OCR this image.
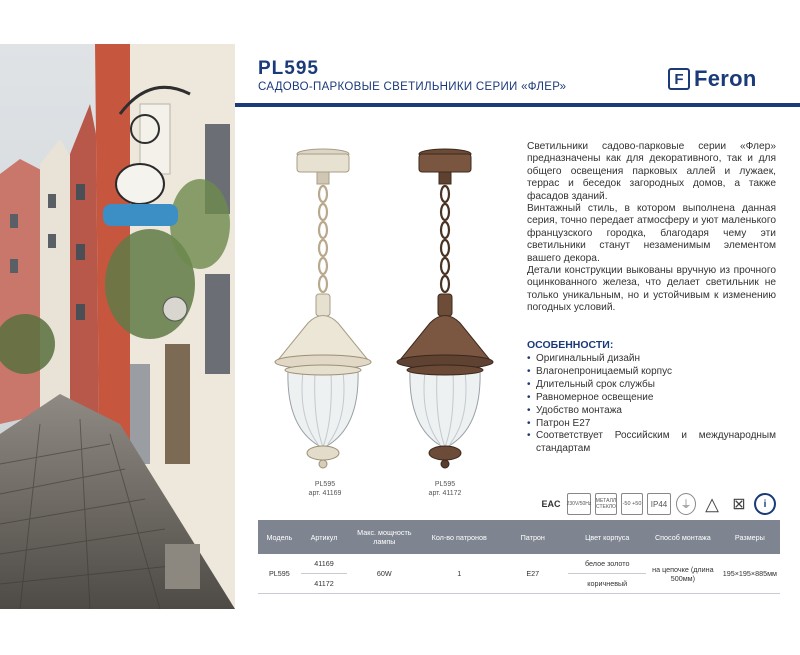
PL595
САДОВО-ПАРКОВЫЕ СВЕТИЛЬНИКИ СЕРИИ «ФЛЕР»	F Feron
PL595
арт. 41169
PL595
арт. 41172

Светильники садово-парковые серии «Флер» предназначены как для декоративного, так и для общего освещения парковых аллей и лужаек, террас и беседок загородных домов, а также фасадов зданий.

Винтажный стиль, в котором выполнена данная серия, точно передает атмосферу и уют маленького французского городка, благодаря чему эти светильники станут незаменимым элементом вашего декора.

Детали конструкции выкованы вручную из прочного оцинкованного железа, что делает светильник не только уникальным, но и устойчивым к изменению погодных условий.

ОСОБЕННОСТИ:
• Оригинальный дизайн
• Влагонепроницаемый корпус
• Длительный срок службы
• Равномерное освещение
• Удобство монтажа
• Патрон Е27
• Соответствует Российским и международным стандартам
EAC	230V/50Hz МЕТАЛЛ СТЕКЛО
-50 +50	IP44	⏚ △ ⊠	i
Модель	Артикул	Макс. мощность лампы	Кол-во патронов	Патрон	Цвет корпуса	Способ монтажа	Размеры
PL595	41169	60W	1	E27	белое золото	на цепочке (длина 500мм)	195×195×885мм
	41172				коричневый		
